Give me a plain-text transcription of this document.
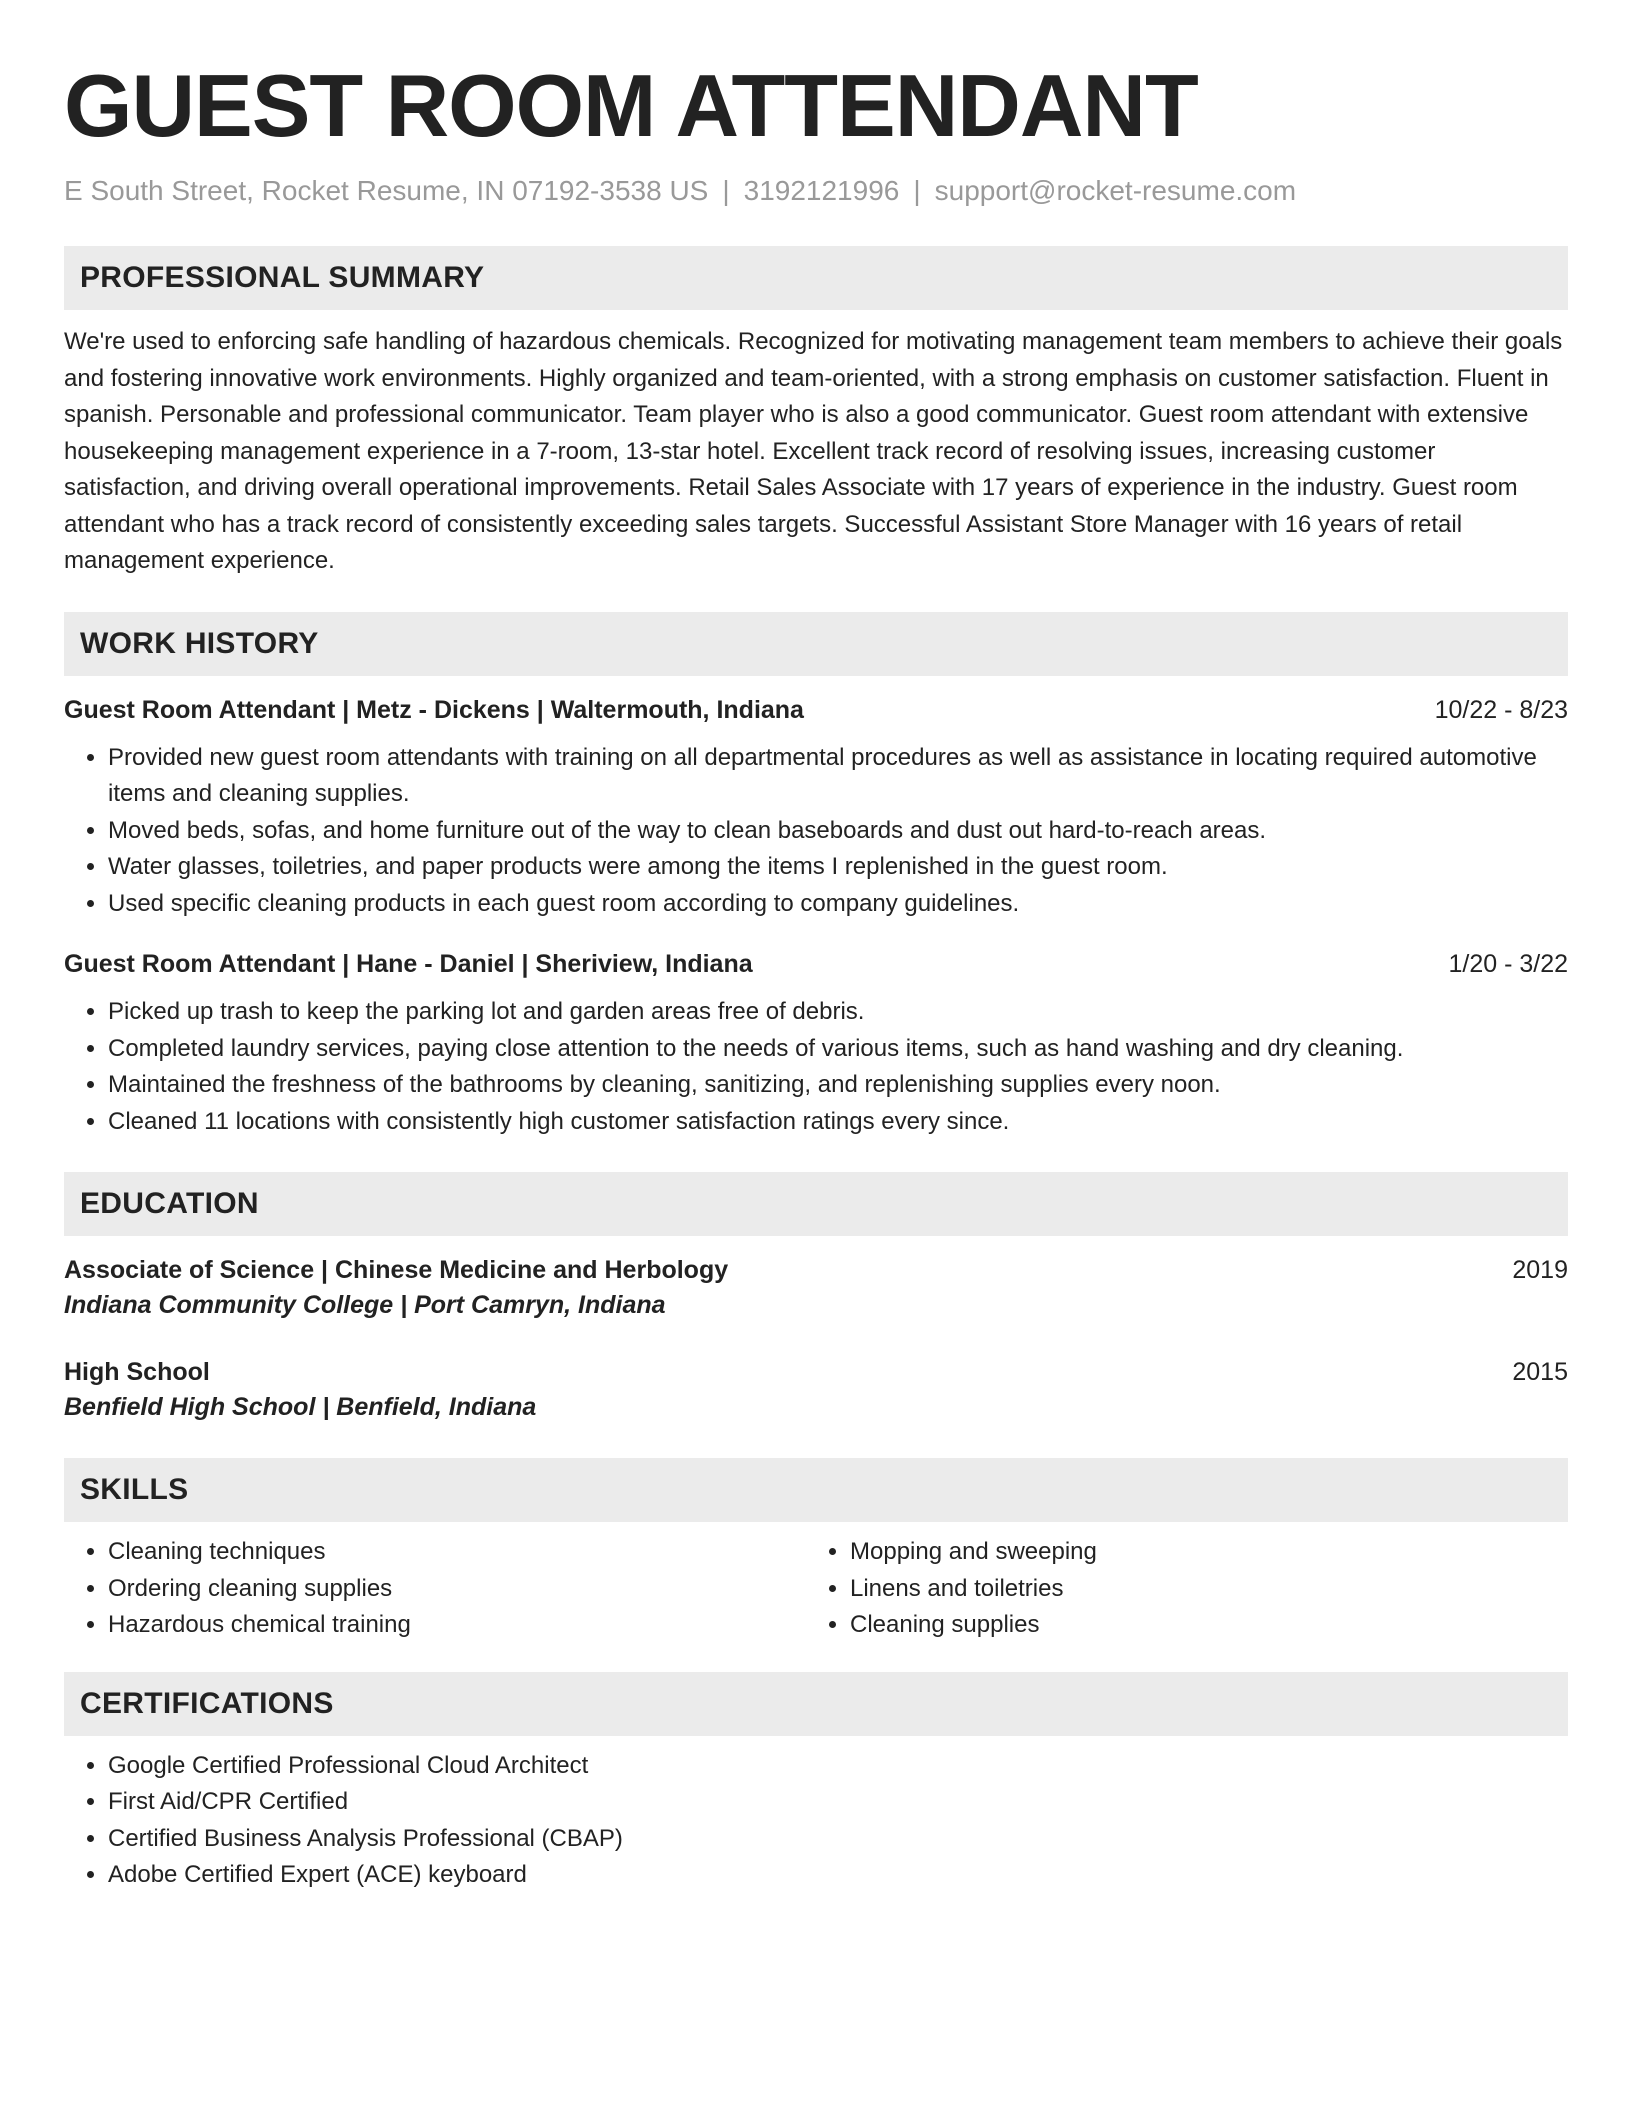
GUEST ROOM ATTENDANT
E South Street, Rocket Resume, IN 07192-3538 US | 3192121996 | support@rocket-resume.com
PROFESSIONAL SUMMARY

We're used to enforcing safe handling of hazardous chemicals. Recognized for motivating management team members to achieve their goals and fostering innovative work environments. Highly organized and team-oriented, with a strong emphasis on customer satisfaction. Fluent in spanish. Personable and professional communicator. Team player who is also a good communicator. Guest room attendant with extensive housekeeping management experience in a 7-room, 13-star hotel. Excellent track record of resolving issues, increasing customer satisfaction, and driving overall operational improvements. Retail Sales Associate with 17 years of experience in the industry. Guest room attendant who has a track record of consistently exceeding sales targets. Successful Assistant Store Manager with 16 years of retail management experience.

WORK HISTORY
Guest Room Attendant | Metz - Dickens | Waltermouth, Indiana	10/22 - 8/23
• Provided new guest room attendants with training on all departmental procedures as well as assistance in locating required automotive items and cleaning supplies.
• Moved beds, sofas, and home furniture out of the way to clean baseboards and dust out hard-to-reach areas.
• Water glasses, toiletries, and paper products were among the items I replenished in the guest room.
• Used specific cleaning products in each guest room according to company guidelines.
Guest Room Attendant | Hane - Daniel | Sheriview, Indiana	1/20 - 3/22
• Picked up trash to keep the parking lot and garden areas free of debris.
• Completed laundry services, paying close attention to the needs of various items, such as hand washing and dry cleaning.
• Maintained the freshness of the bathrooms by cleaning, sanitizing, and replenishing supplies every noon.
• Cleaned 11 locations with consistently high customer satisfaction ratings every since.
EDUCATION
Associate of Science | Chinese Medicine and Herbology	2019
Indiana Community College | Port Camryn, Indiana
High School	2015
Benfield High School | Benfield, Indiana
SKILLS
• Cleaning techniques
• Ordering cleaning supplies
• Hazardous chemical training
• Mopping and sweeping
• Linens and toiletries
• Cleaning supplies
CERTIFICATIONS
• Google Certified Professional Cloud Architect
• First Aid/CPR Certified
• Certified Business Analysis Professional (CBAP)
• Adobe Certified Expert (ACE) keyboard
